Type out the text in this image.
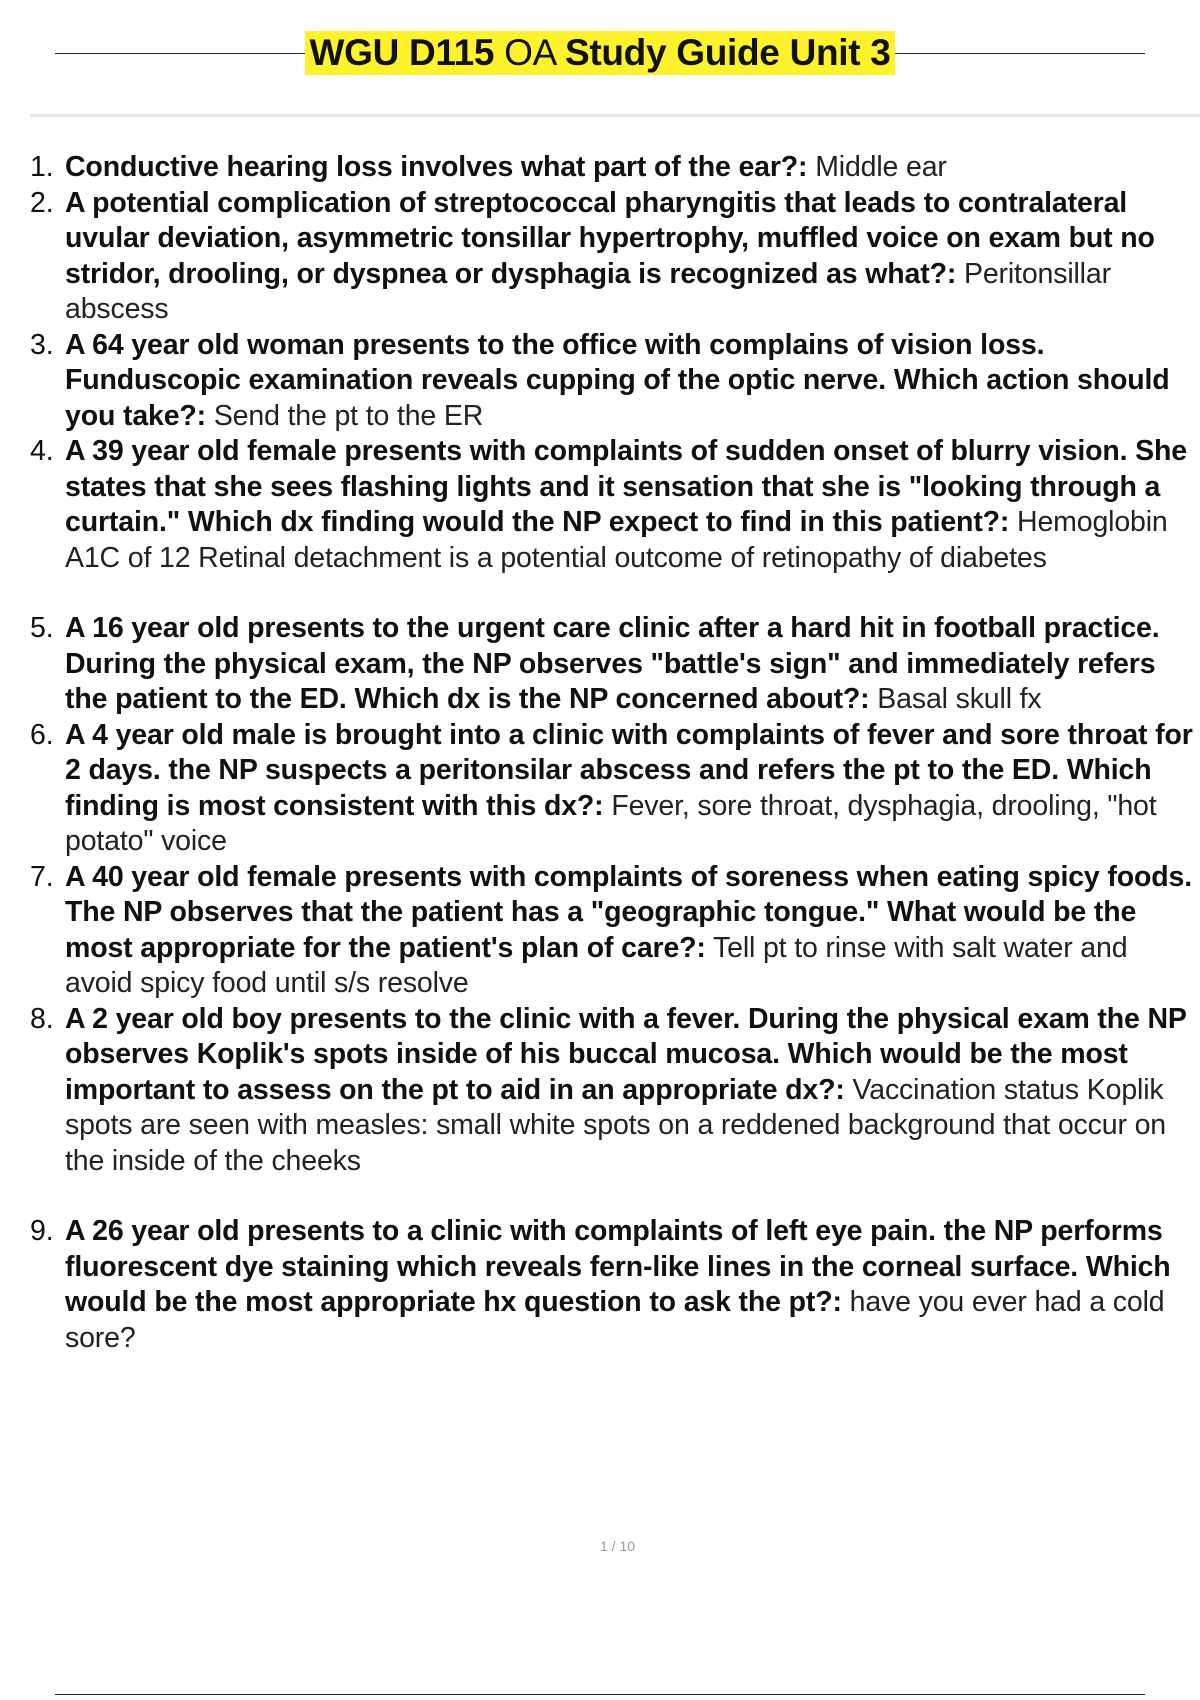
WGU D115 OA Study Guide Unit 3
1. Conductive hearing loss involves what part of the ear?: Middle ear
2. A potential complication of streptococcal pharyngitis that leads to contralateral uvular deviation, asymmetric tonsillar hypertrophy, muffled voice on exam but no stridor, drooling, or dyspnea or dysphagia is recognized as what?: Peritonsillar abscess
3. A 64 year old woman presents to the office with complains of vision loss. Funduscopic examination reveals cupping of the optic nerve. Which action should you take?: Send the pt to the ER
4. A 39 year old female presents with complaints of sudden onset of blurry vision. She states that she sees flashing lights and it sensation that she is "looking through a curtain." Which dx finding would the NP expect to find in this patient?: Hemoglobin A1C of 12 Retinal detachment is a potential outcome of retinopathy of diabetes
5. A 16 year old presents to the urgent care clinic after a hard hit in football practice. During the physical exam, the NP observes "battle's sign" and immediately refers the patient to the ED. Which dx is the NP concerned about?: Basal skull fx
6. A 4 year old male is brought into a clinic with complaints of fever and sore throat for 2 days. the NP suspects a peritonsilar abscess and refers the pt to the ED. Which finding is most consistent with this dx?: Fever, sore throat, dysphagia, drooling, "hot potato" voice
7. A 40 year old female presents with complaints of soreness when eating spicy foods. The NP observes that the patient has a "geographic tongue." What would be the most appropriate for the patient's plan of care?: Tell pt to rinse with salt water and avoid spicy food until s/s resolve
8. A 2 year old boy presents to the clinic with a fever. During the physical exam the NP observes Koplik's spots inside of his buccal mucosa. Which would be the most important to assess on the pt to aid in an appropriate dx?: Vaccination status Koplik spots are seen with measles: small white spots on a reddened background that occur on the inside of the cheeks
9. A 26 year old presents to a clinic with complaints of left eye pain. the NP performs fluorescent dye staining which reveals fern-like lines in the corneal surface. Which would be the most appropriate hx question to ask the pt?: have you ever had a cold sore?
1 / 10
